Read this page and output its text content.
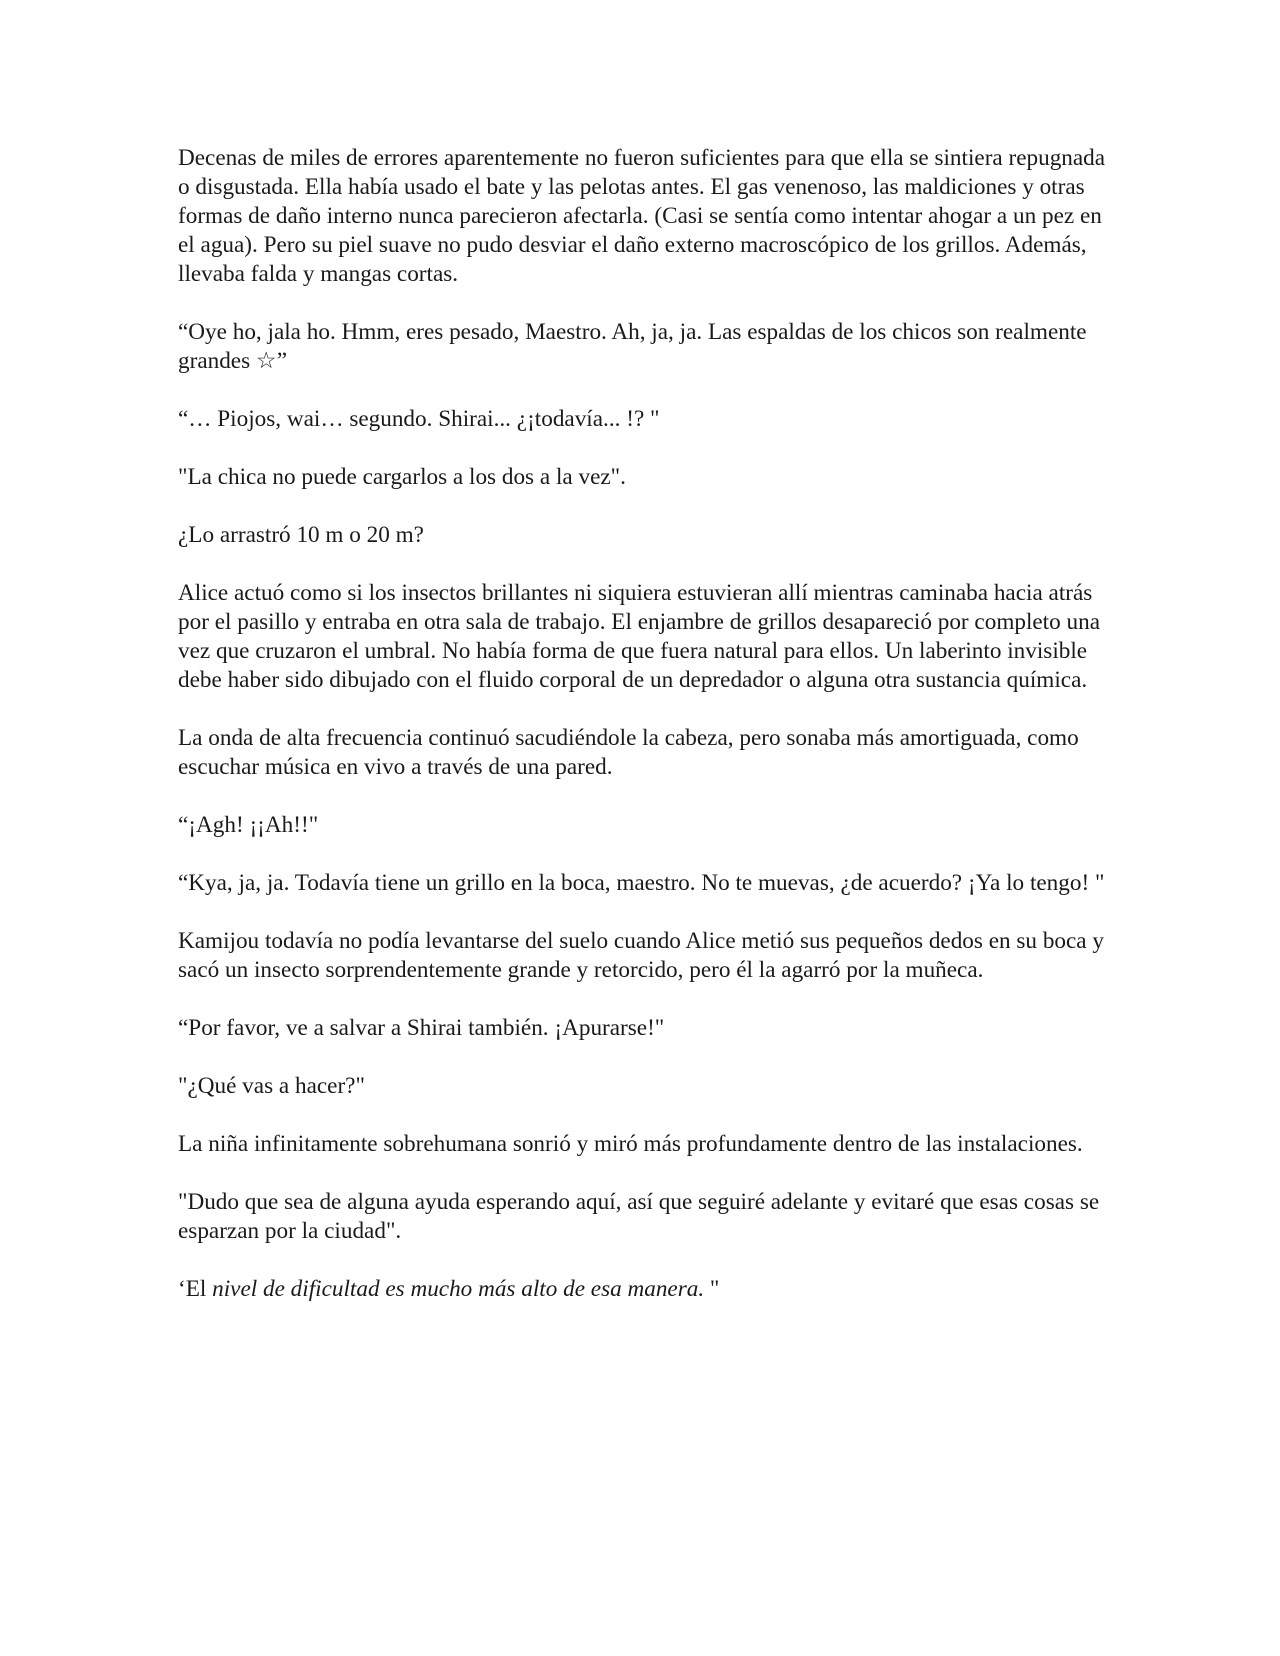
Decenas de miles de errores aparentemente no fueron suficientes para que ella se sintiera repugnada o disgustada. Ella había usado el bate y las pelotas antes. El gas venenoso, las maldiciones y otras formas de daño interno nunca parecieron afectarla. (Casi se sentía como intentar ahogar a un pez en el agua). Pero su piel suave no pudo desviar el daño externo macroscópico de los grillos. Además, llevaba falda y mangas cortas.

“Oye ho, jala ho. Hmm, eres pesado, Maestro. Ah, ja, ja. Las espaldas de los chicos son realmente grandes ☆”

“… Piojos, wai… segundo. Shirai... ¿¡todavía... !? "

"La chica no puede cargarlos a los dos a la vez".

¿Lo arrastró 10 m o 20 m?

Alice actuó como si los insectos brillantes ni siquiera estuvieran allí mientras caminaba hacia atrás por el pasillo y entraba en otra sala de trabajo. El enjambre de grillos desapareció por completo una vez que cruzaron el umbral. No había forma de que fuera natural para ellos. Un laberinto invisible debe haber sido dibujado con el fluido corporal de un depredador o alguna otra sustancia química.

La onda de alta frecuencia continuó sacudiéndole la cabeza, pero sonaba más amortiguada, como escuchar música en vivo a través de una pared.

“¡Agh! ¡¡Ah!!"

“Kya, ja, ja. Todavía tiene un grillo en la boca, maestro. No te muevas, ¿de acuerdo? ¡Ya lo tengo! "

Kamijou todavía no podía levantarse del suelo cuando Alice metió sus pequeños dedos en su boca y sacó un insecto sorprendentemente grande y retorcido, pero él la agarró por la muñeca.

“Por favor, ve a salvar a Shirai también. ¡Apurarse!"

"¿Qué vas a hacer?"

La niña infinitamente sobrehumana sonrió y miró más profundamente dentro de las instalaciones.

"Dudo que sea de alguna ayuda esperando aquí, así que seguiré adelante y evitaré que esas cosas se esparzan por la ciudad".

‘El nivel de dificultad es mucho más alto de esa manera. "
